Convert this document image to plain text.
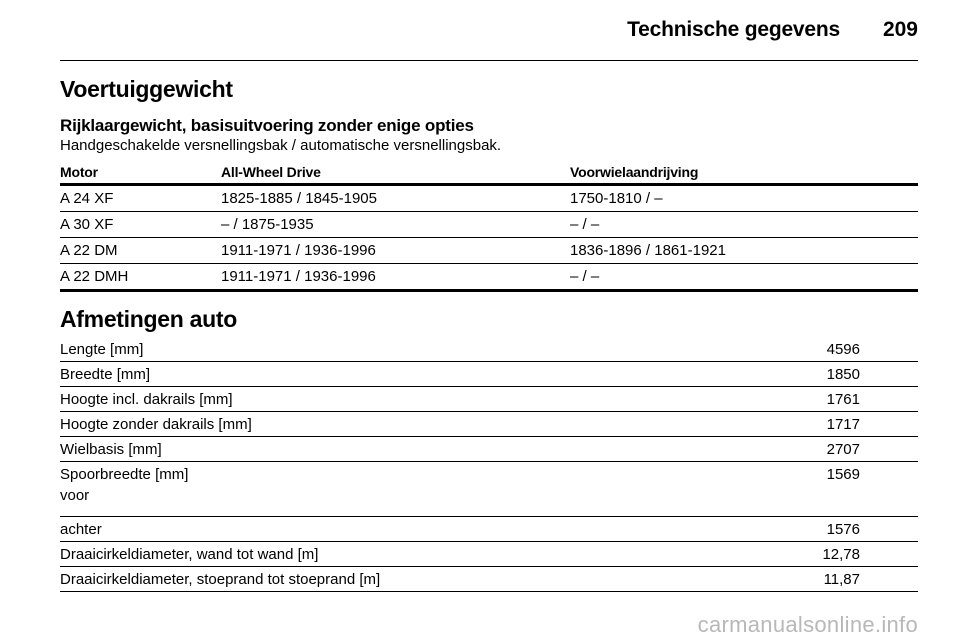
Technische gegevens 209
Voertuiggewicht
Rijklaargewicht, basisuitvoering zonder enige opties
Handgeschakelde versnellingsbak / automatische versnellingsbak.
Motor	All-Wheel Drive	Voorwielaandrijving
A 24 XF	1825-1885 / 1845-1905	1750-1810 / –
A 30 XF	– / 1875-1935	– / –
A 22 DM	1911-1971 / 1936-1996	1836-1896 / 1861-1921
A 22 DMH	1911-1971 / 1936-1996	– / –
Afmetingen auto
Lengte [mm]	4596
Breedte [mm]	1850
Hoogte incl. dakrails [mm]	1761
Hoogte zonder dakrails [mm]	1717
Wielbasis [mm]	2707
Spoorbreedte [mm]
voor	1569
achter	1576
Draaicirkeldiameter, wand tot wand [m]	12,78
Draaicirkeldiameter, stoeprand tot stoeprand [m]	11,87
carmanualsonline.info
